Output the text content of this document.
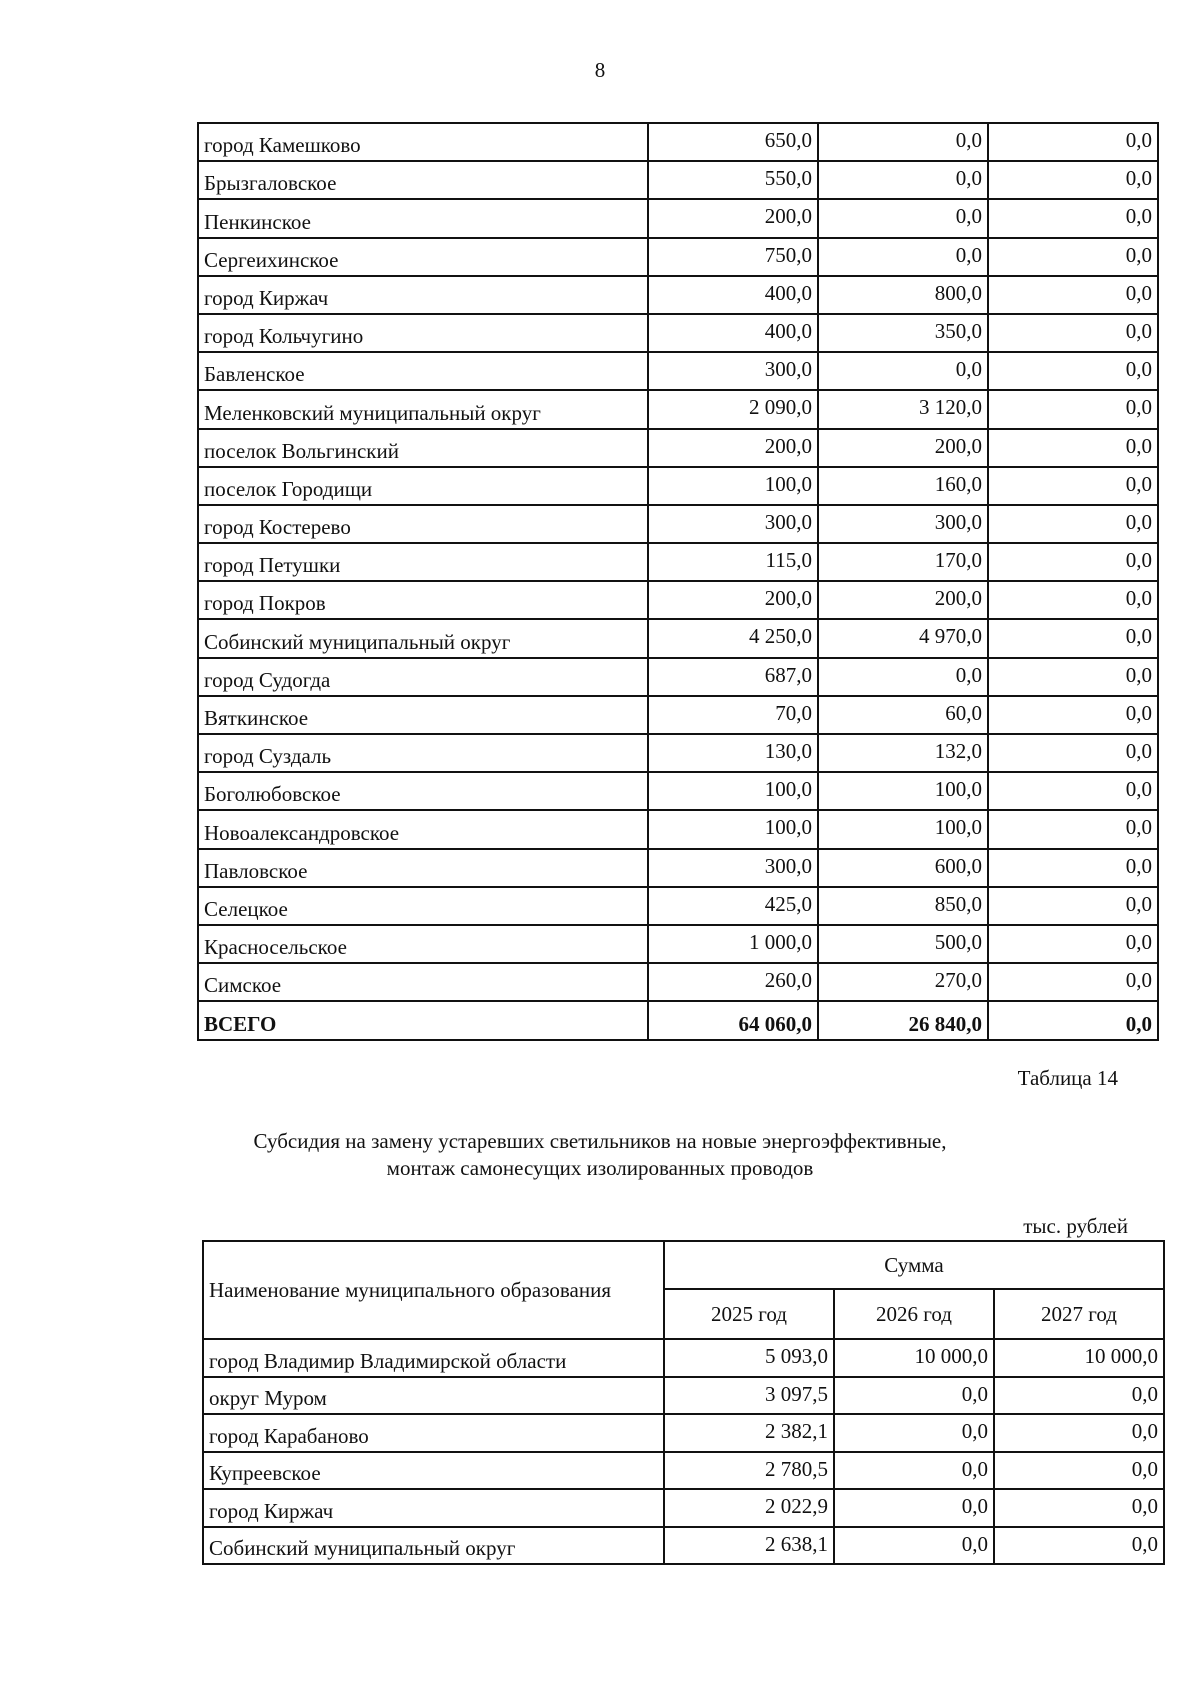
8
город Камешково	650,0	0,0	0,0
Брызгаловское	550,0	0,0	0,0
Пенкинское	200,0	0,0	0,0
Сергеихинское	750,0	0,0	0,0
город Киржач	400,0	800,0	0,0
город Кольчугино	400,0	350,0	0,0
Бавленское	300,0	0,0	0,0
Меленковский муниципальный округ	2 090,0	3 120,0	0,0
поселок Вольгинский	200,0	200,0	0,0
поселок Городищи	100,0	160,0	0,0
город Костерево	300,0	300,0	0,0
город Петушки	115,0	170,0	0,0
город Покров	200,0	200,0	0,0
Собинский муниципальный округ	4 250,0	4 970,0	0,0
город Судогда	687,0	0,0	0,0
Вяткинское	70,0	60,0	0,0
город Суздаль	130,0	132,0	0,0
Боголюбовское	100,0	100,0	0,0
Новоалександровское	100,0	100,0	0,0
Павловское	300,0	600,0	0,0
Селецкое	425,0	850,0	0,0
Красносельское	1 000,0	500,0	0,0
Симское	260,0	270,0	0,0
ВСЕГО	64 060,0	26 840,0	0,0
Таблица 14
Субсидия на замену устаревших светильников на новые энергоэффективные,
монтаж самонесущих изолированных проводов
тыс. рублей
Наименование муниципального образования	Сумма		
	2025 год	2026 год	2027 год
город Владимир Владимирской области	5 093,0	10 000,0	10 000,0
округ Муром	3 097,5	0,0	0,0
город Карабаново	2 382,1	0,0	0,0
Купреевское	2 780,5	0,0	0,0
город Киржач	2 022,9	0,0	0,0
Собинский муниципальный округ	2 638,1	0,0	0,0
